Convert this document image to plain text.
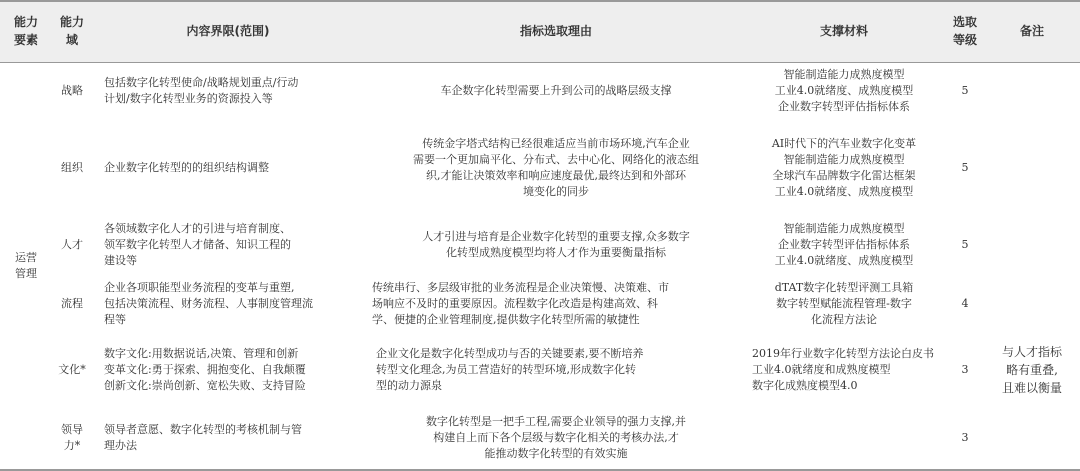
能力
要素
能力
域
内容界限(范围)	指标选取理由	支撑材料
选取
等级
备注
运营
管理
战略
包括数字化转型使命/战略规划重点/行动
计划/数字化转型业务的资源投入等
车企数字化转型需要上升到公司的战略层级支撑
智能制造能力成熟度模型
工业4.0就绪度、成熟度模型
企业数字转型评估指标体系
5
组织 企业数字化转型的的组织结构调整
传统金字塔式结构已经很难适应当前市场环境,汽车企业
需要一个更加扁平化、分布式、去中心化、网络化的液态组
织,才能让决策效率和响应速度最优,最终达到和外部环
境变化的同步
AI时代下的汽车业数字化变革
智能制造能力成熟度模型
全球汽车品牌数字化雷达框架
工业4.0就绪度、成熟度模型
5
人才
各领域数字化人才的引进与培育制度、
领军数字化转型人才储备、知识工程的
建设等
人才引进与培育是企业数字化转型的重要支撑,众多数字
化转型成熟度模型均将人才作为重要衡量指标
智能制造能力成熟度模型
企业数字转型评估指标体系
工业4.0就绪度、成熟度模型
5
流程
企业各项职能型业务流程的变革与重塑,
包括决策流程、财务流程、人事制度管理流
程等
传统串行、多层级审批的业务流程是企业决策慢、决策难、市
场响应不及时的重要原因。流程数字化改造是构建高效、科
学、便捷的企业管理制度,提供数字化转型所需的敏捷性
dTAT数字化转型评测工具箱
数字转型赋能流程管理-数字
化流程方法论
4
文化*
数字文化:用数据说话,决策、管理和创新
变革文化:勇于探索、拥抱变化、自我颠覆
创新文化:崇尚创新、宽松失败、支持冒险
企业文化是数字化转型成功与否的关键要素,要不断培养
转型文化理念,为员工营造好的转型环境,形成数字化转
型的动力源泉
2019年行业数字化转型方法论白皮书
工业4.0就绪度和成熟度模型
数字化成熟度模型4.0
3
与人才指标
略有重叠,
且难以衡量
领导
力*
领导者意愿、数字化转型的考核机制与管
理办法
数字化转型是一把手工程,需要企业领导的强力支撑,并
构建自上而下各个层级与数字化相关的考核办法,才
能推动数字化转型的有效实施
3
